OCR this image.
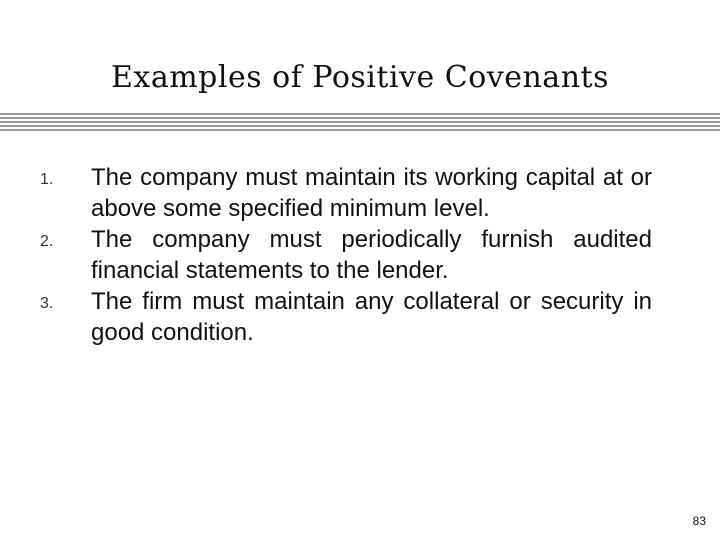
Examples of Positive Covenants
1. The company must maintain its working capital at or above some specified minimum level.
2. The company must periodically furnish audited financial statements to the lender.
3. The firm must maintain any collateral or security in good condition.
83
